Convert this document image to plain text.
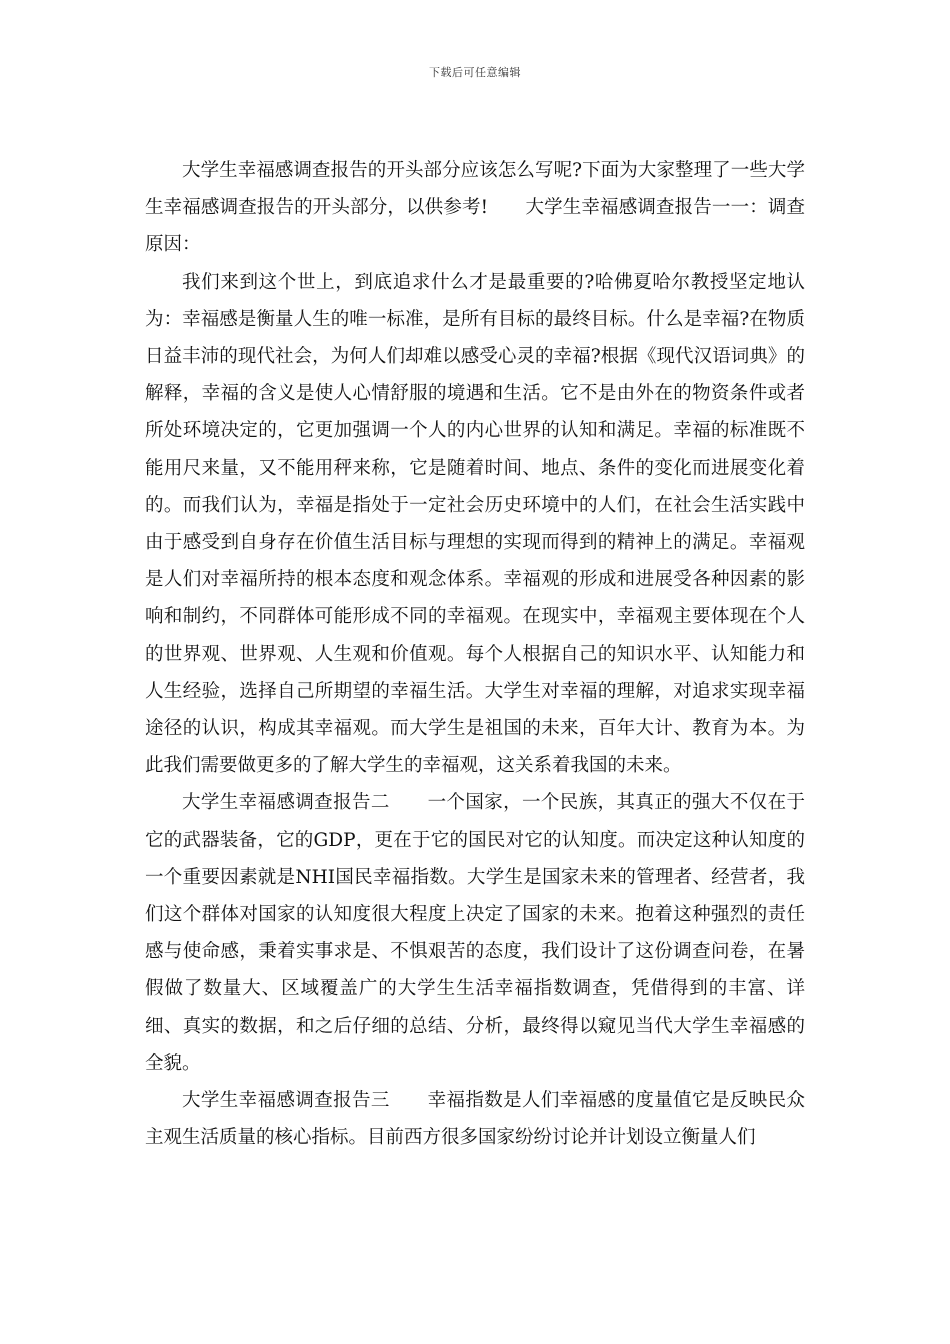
下载后可任意编辑

大学生幸福感调查报告的开头部分应该怎么写呢?下面为大家整理了一些大学生幸福感调查报告的开头部分，以供参考!　　大学生幸福感调查报告一一：调查原因：

我们来到这个世上，到底追求什么才是最重要的?哈佛夏哈尔教授坚定地认为：幸福感是衡量人生的唯一标准，是所有目标的最终目标。什么是幸福?在物质日益丰沛的现代社会，为何人们却难以感受心灵的幸福?根据《现代汉语词典》的解释，幸福的含义是使人心情舒服的境遇和生活。它不是由外在的物资条件或者所处环境决定的，它更加强调一个人的内心世界的认知和满足。幸福的标准既不能用尺来量，又不能用秤来称，它是随着时间、地点、条件的变化而进展变化着的。而我们认为，幸福是指处于一定社会历史环境中的人们，在社会生活实践中由于感受到自身存在价值生活目标与理想的实现而得到的精神上的满足。幸福观是人们对幸福所持的根本态度和观念体系。幸福观的形成和进展受各种因素的影响和制约，不同群体可能形成不同的幸福观。在现实中，幸福观主要体现在个人的世界观、世界观、人生观和价值观。每个人根据自己的知识水平、认知能力和人生经验，选择自己所期望的幸福生活。大学生对幸福的理解，对追求实现幸福途径的认识，构成其幸福观。而大学生是祖国的未来，百年大计、教育为本。为此我们需要做更多的了解大学生的幸福观，这关系着我国的未来。

大学生幸福感调查报告二　　一个国家，一个民族，其真正的强大不仅在于它的武器装备，它的GDP，更在于它的国民对它的认知度。而决定这种认知度的一个重要因素就是NHI国民幸福指数。大学生是国家未来的管理者、经营者，我们这个群体对国家的认知度很大程度上决定了国家的未来。抱着这种强烈的责任感与使命感，秉着实事求是、不惧艰苦的态度，我们设计了这份调查问卷，在暑假做了数量大、区域覆盖广的大学生生活幸福指数调查，凭借得到的丰富、详细、真实的数据，和之后仔细的总结、分析，最终得以窥见当代大学生幸福感的全貌。

大学生幸福感调查报告三　　幸福指数是人们幸福感的度量值它是反映民众主观生活质量的核心指标。目前西方很多国家纷纷讨论并计划设立衡量人们
